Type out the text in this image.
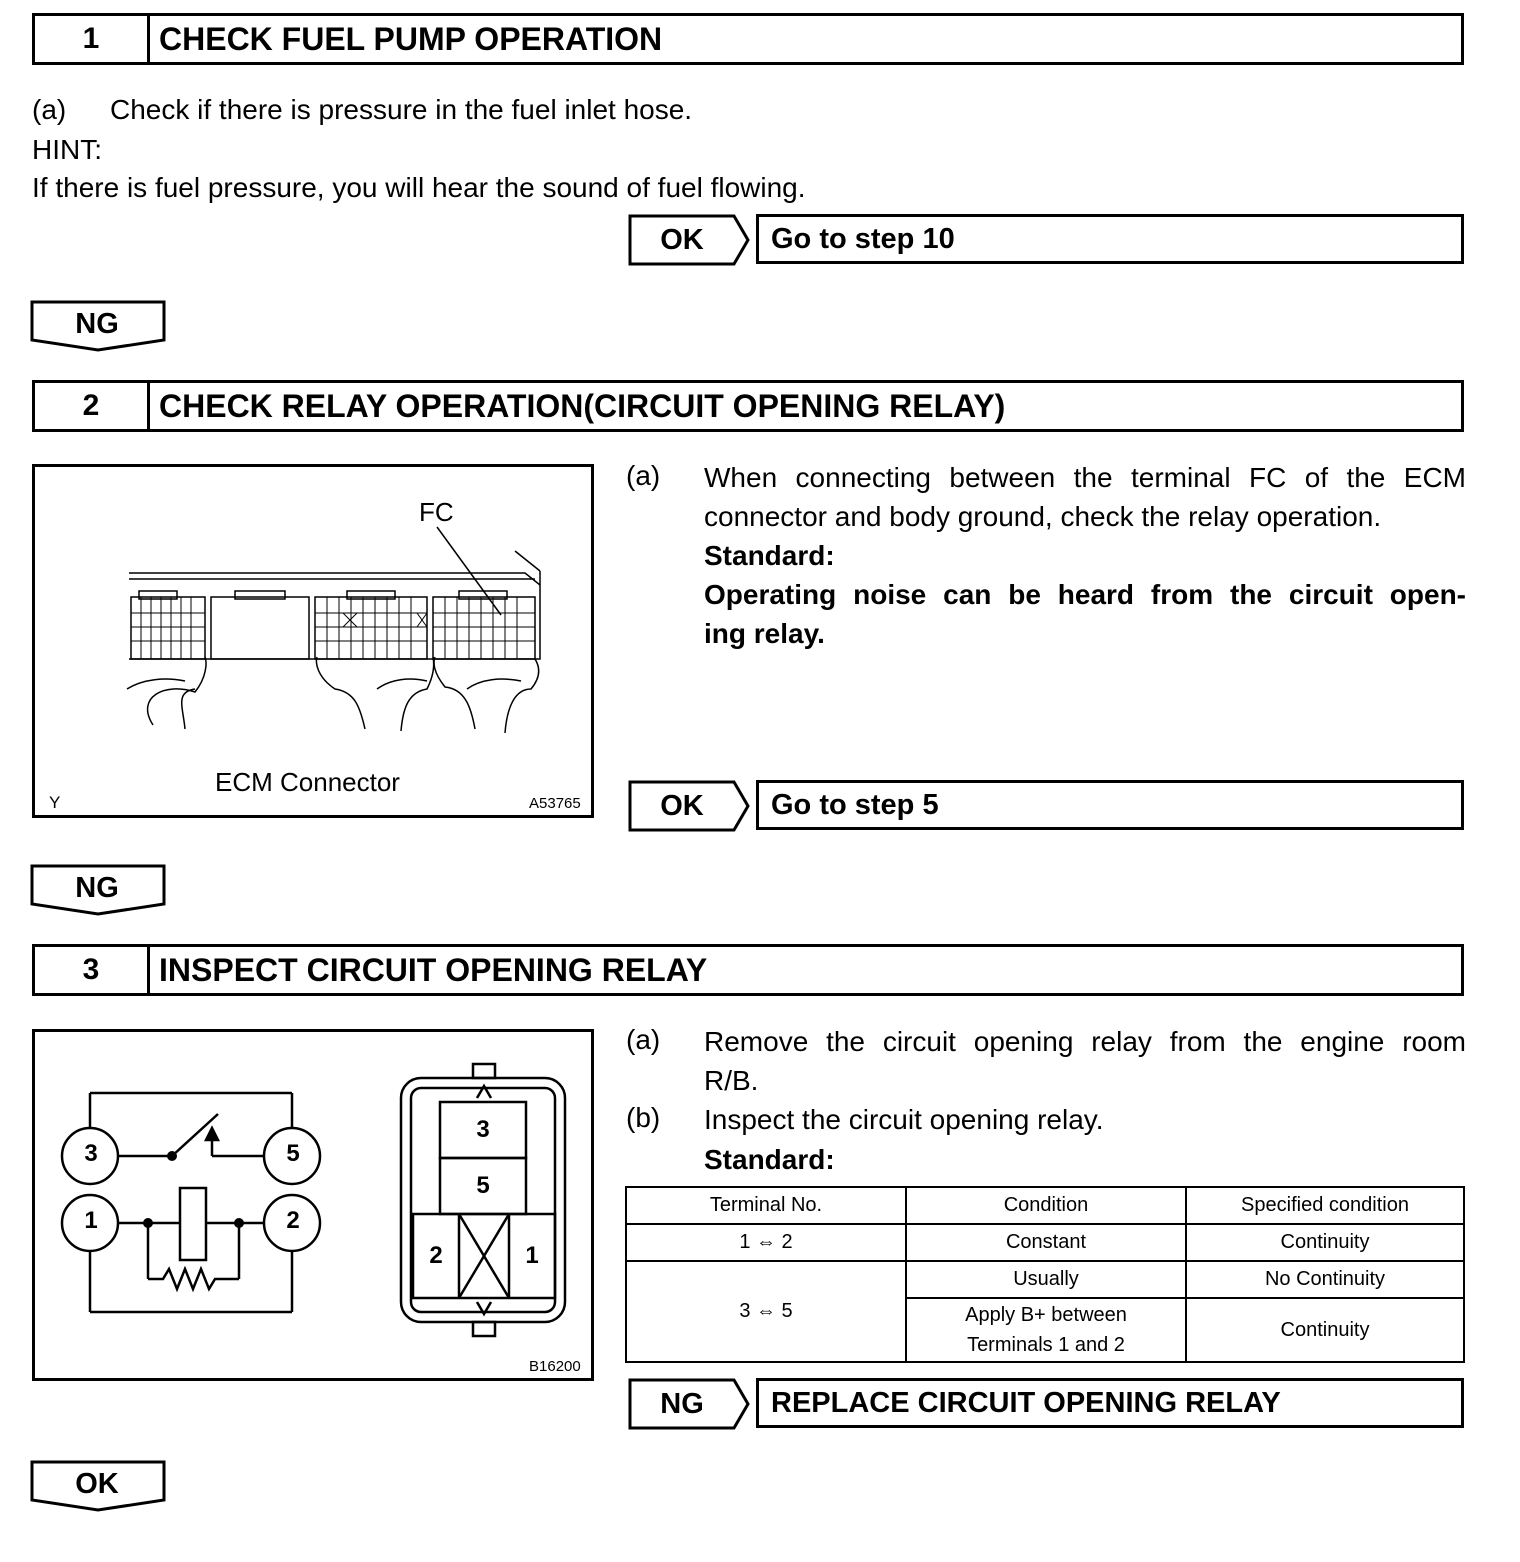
1	CHECK FUEL PUMP OPERATION
(a) Check if there is pressure in the fuel inlet hose.
HINT:
If there is fuel pressure, you will hear the sound of fuel flowing.
OK	Go to step 10
NG
2	CHECK RELAY OPERATION(CIRCUIT OPENING RELAY)
FC
ECM Connector
Y	A53765
(a) When connecting between the terminal FC of the ECM
connector and body ground, check the relay operation.
Standard:
Operating noise can be heard from the circuit open-
ing relay.
OK	Go to step 5
NG
3	INSPECT CIRCUIT OPENING RELAY
3	5
1	2
3
5
2	1
B16200
(a) Remove the circuit opening relay from the engine room
R/B.
(b) Inspect the circuit opening relay.
Standard:
Terminal No.	Condition	Specified condition
1 ⇔ 2	Constant	Continuity
3 ⇔ 5	Usually	No Continuity

	Apply B+ between
Terminals 1 and 2	Continuity
NG	REPLACE CIRCUIT OPENING RELAY
OK
